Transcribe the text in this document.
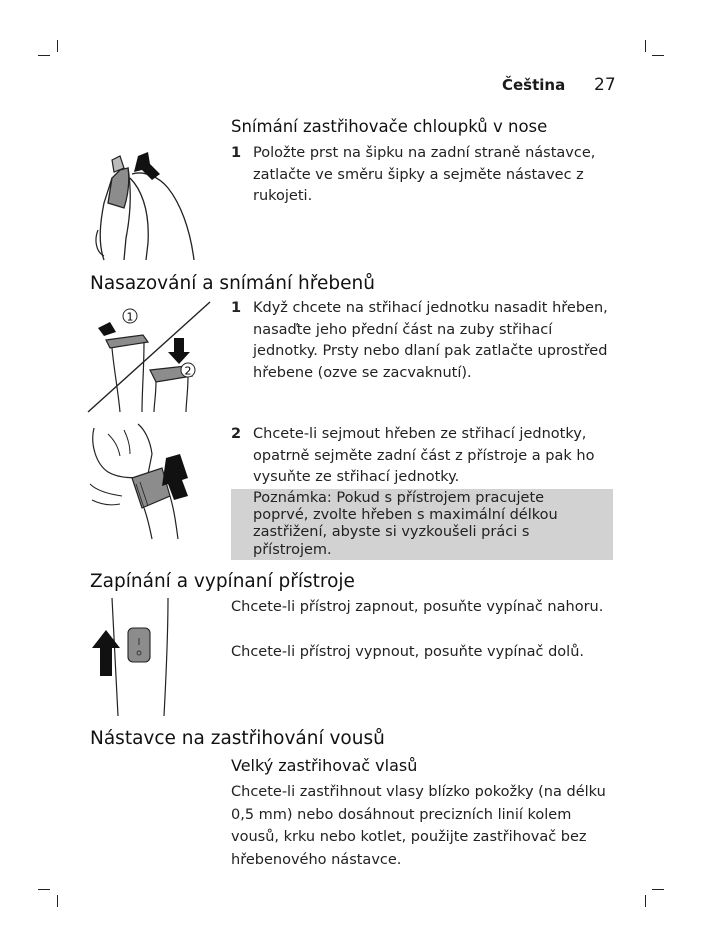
Čeština 27
Snímání zastřihovače chloupků v nose
1 Položte prst na šipku na zadní straně nástavce, zatlačte ve směru šipky a sejměte nástavec z rukojeti.
Nasazování a snímání hřebenů
1 Když chcete na střihací jednotku nasadit hřeben, nasaďte jeho přední část na zuby střihací jednotky. Prsty nebo dlaní pak zatlačte uprostřed hřebene (ozve se zacvaknutí).
1
2
2 Chcete-li sejmout hřeben ze střihací jednotky, opatrně sejměte zadní část z přístroje a pak ho vysuňte ze střihací jednotky.
Poznámka: Pokud s přístrojem pracujete poprvé, zvolte hřeben s maximální délkou zastřižení, abyste si vyzkoušeli práci s přístrojem.
Zapínání a vypínaní přístroje
Chcete-li přístroj zapnout, posuňte vypínač nahoru.
Chcete-li přístroj vypnout, posuňte vypínač dolů.
Nástavce na zastřihování vousů
Velký zastřihovač vlasů
Chcete-li zastřihnout vlasy blízko pokožky (na délku 0,5 mm) nebo dosáhnout precizních linií kolem vousů, krku nebo kotlet, použijte zastřihovač bez hřebenového nástavce.
